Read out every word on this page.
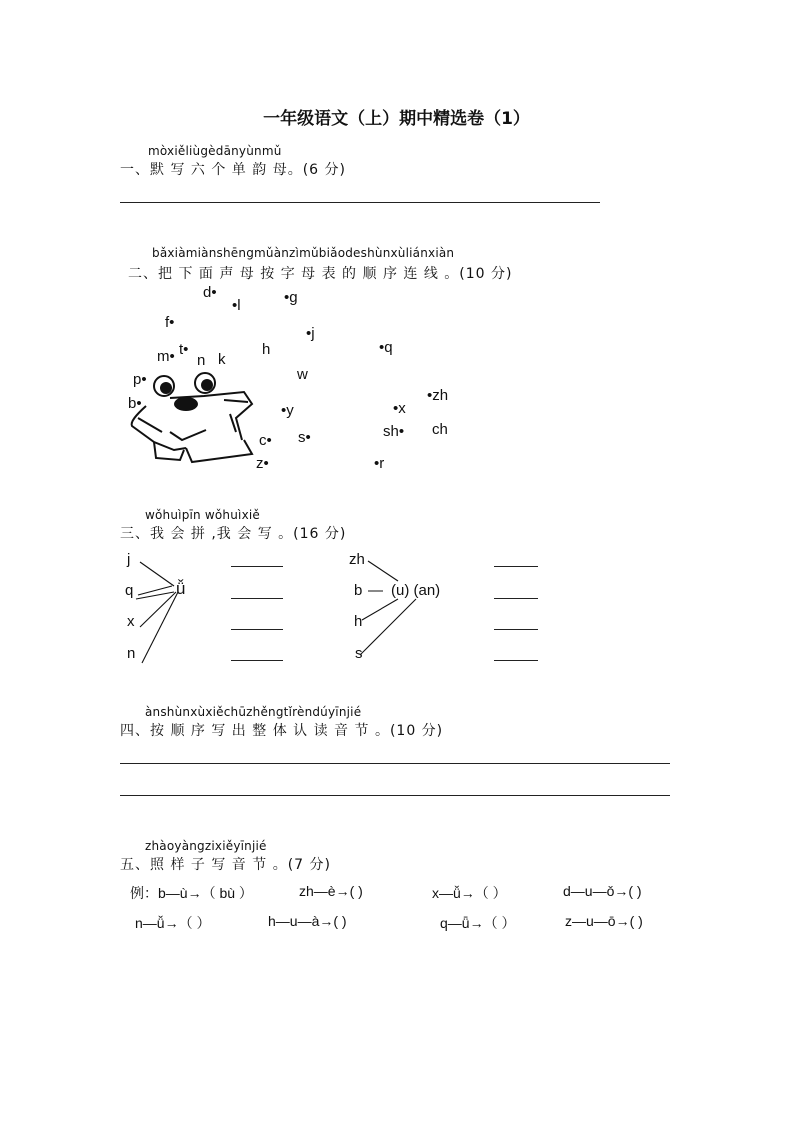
一年级语文（上）期中精选卷（1）
mòxiěliùgèdānyùnmǔ
一、默 写 六 个 单 韵 母。(6 分)
bǎxiàmiànshēngmǔànzìmǔbiǎodeshùnxùliánxiàn
二、把 下 面 声 母 按 字 母 表 的 顺 序 连 线 。(10 分)
d•
•l	•g
f•
•j
m• t•
n k
h	•q
p•	w
b•	•y	•x
•zh
c• s•	sh• ch
z•	•r
wǒhuìpīn wǒhuìxiě
三、我 会 拼 ,我 会 写 。(16 分)
j
q
x
n
ǚ
zh
b
h
s
— (u) (an)
ànshùnxùxiěchūzhěngtǐrèndúyīnjié
四、按 顺 序 写 出 整 体 认 读 音 节 。(10 分)
zhàoyàngzixiěyīnjié
五、照 样 子 写 音 节 。(7 分)
例：b—ù→（ bù ）	zh—è→( )	x—ǚ→（ ）	d—u—ǒ→( )
n—ǚ→（ ）	h—u—à→( )	q—ǖ→（ ）	z—u—ō→( )
